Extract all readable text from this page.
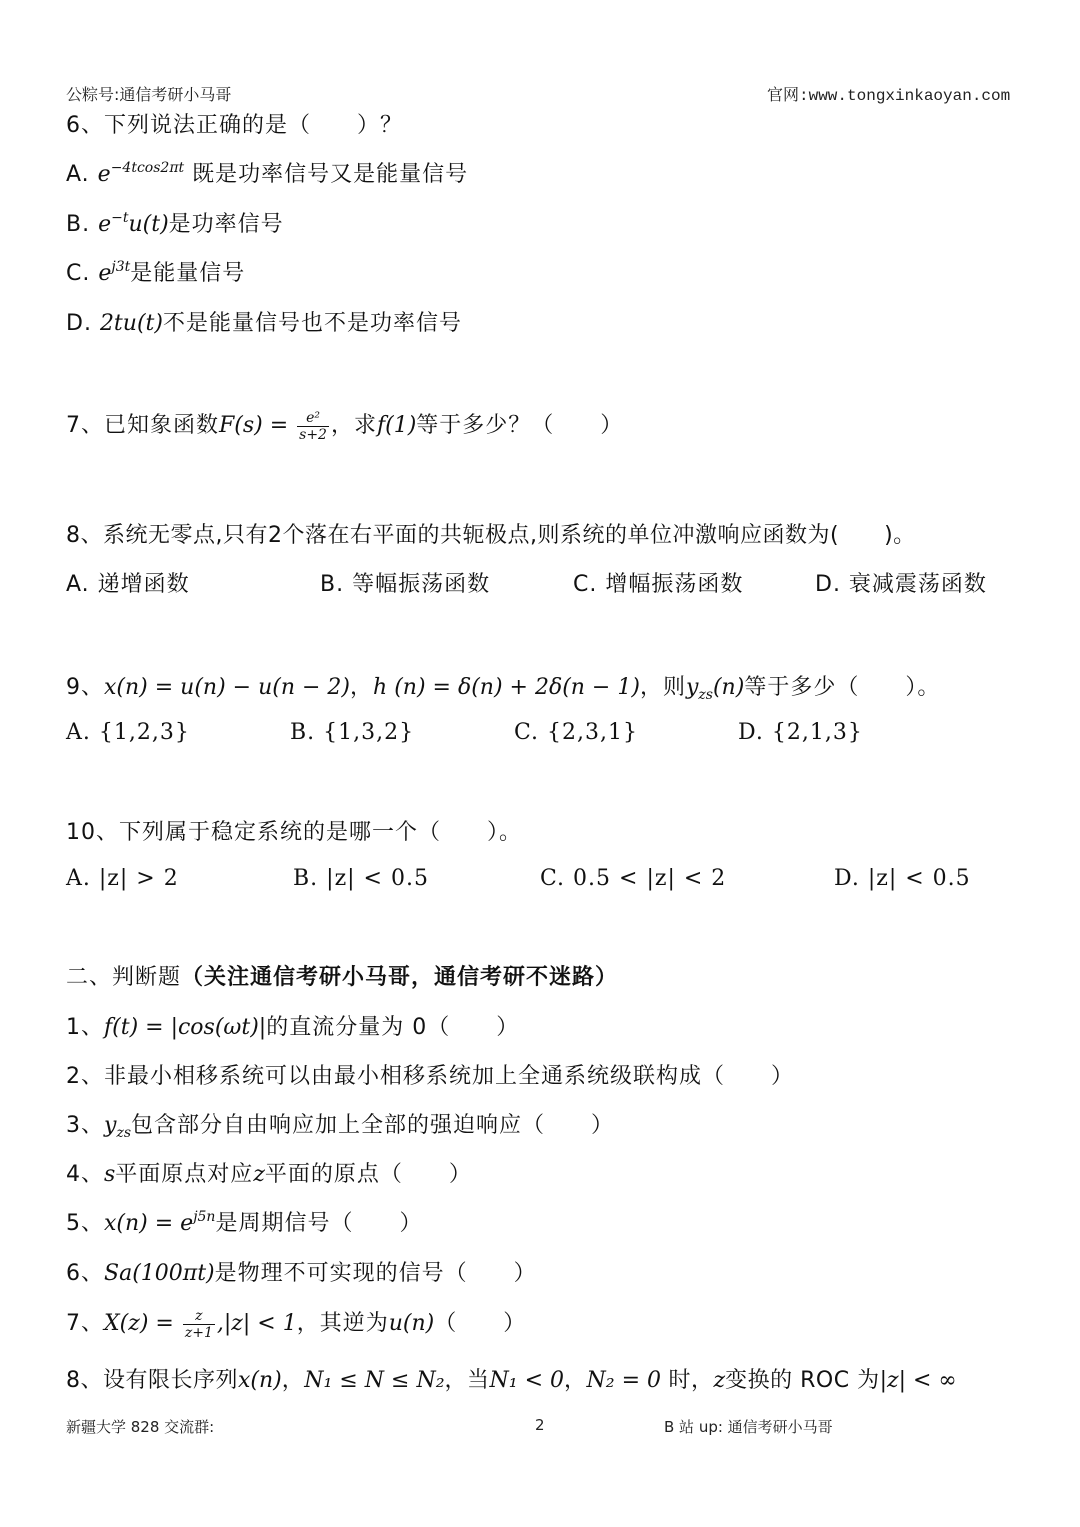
公粽号:通信考研小马哥	官网:www.tongxinkaoyan.com
6、下列说法正确的是（　　）？
A. $e^{-4tcos2\pi t}$ 既是功率信号又是能量信号
B. $e^{-t}u(t)$是功率信号
C. $e^{j3t}$是能量信号
D. 2tu(t)不是能量信号也不是功率信号
7、已知象函数$F(s) = \frac{\text{e²}}{s+2}$ ，求f(1)等于多少？（　　）
8、系统无零点,只有2个落在右平面的共轭极点,则系统的单位冲激响应函数为(　　)。
A. 递增函数	B. 等幅振荡函数	C. 增幅振荡函数	D. 衰减震荡函数
9、x(n) = u(n) − u(n − 2)，h (n) = δ(n) + 2δ(n − 1)，则$y_{zs}(n)$等于多少（　　）。
A. {1,2,3}	B. {1,3,2}	C. {2,3,1}	D. {2,1,3}
10、下列属于稳定系统的是哪一个（　　）。
A. |z| > 2	B. |z| < 0.5	C. 0.5 < |z| < 2	D. |z| < 0.5
二、判断题（关注通信考研小马哥，通信考研不迷路）
1、f(t) = |cos(ωt)|的直流分量为 0（　　）
2、非最小相移系统可以由最小相移系统加上全通系统级联构成（　　）
3、$y_{zs}$包含部分自由响应加上全部的强迫响应（　　）
4、s平面原点对应z平面的原点（　　）
5、$x(n) = e^{j5n}$是周期信号（　　）
6、Sa(100πt)是物理不可实现的信号（　　）
7、$X(z) = \frac{z}{z+1} ,|z| < 1$，其逆为u(n)（　　）
8、设有限长序列x(n)，N₁ ≤ N ≤ N₂，当N₁ < 0，N₂ = 0 时，z变换的 ROC 为|z| < ∞
新疆大学 828 交流群:	2	B 站 up: 通信考研小马哥
